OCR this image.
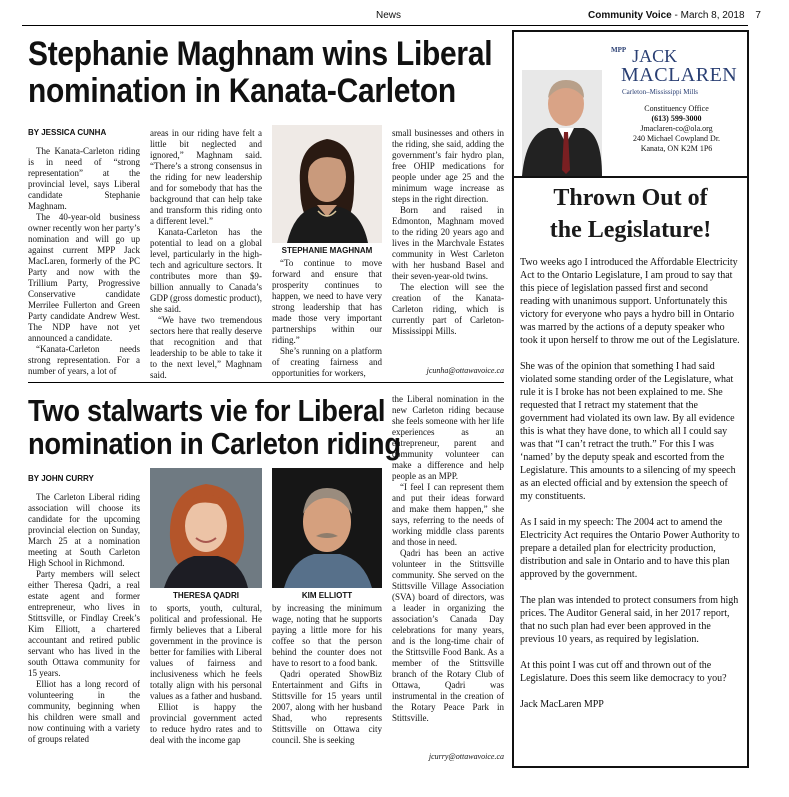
News	Community Voice - March 8, 2018 7
Stephanie Maghnam wins Liberal
nomination in Kanata-Carleton
BY JESSICA CUNHA

The Kanata-Carleton riding is in need of “strong representation” at the provincial level, says Liberal candidate Stephanie Maghnam.

The 40-year-old business owner recently won her party’s nomination and will go up against current MPP Jack MacLaren, formerly of the PC Party and now with the Trillium Party, Progressive Conservative candidate Merrilee Fullerton and Green Party candidate Andrew West. The NDP have not yet announced a candidate.

“Kanata-Carleton needs strong representation. For a number of years, a lot of

areas in our riding have felt a little bit neglected and ignored,” Maghnam said. “There’s a strong consensus in the riding for new leadership and for somebody that has the background that can help take and transform this riding onto a different level.”

Kanata-Carleton has the potential to lead on a global level, particularly in the high-tech and agriculture sectors. It contributes more than $9-billion annually to Canada’s GDP (gross domestic product), she said.

“We have two tremendous sectors here that really deserve that recognition and that leadership to be able to take it to the next level,” Maghnam said.

STEPHANIE MAGHNAM

“To continue to move forward and ensure that prosperity continues to happen, we need to have very strong leadership that has made those very important partnerships within our riding.”

She’s running on a platform of creating fairness and opportunities for workers,

small businesses and others in the riding, she said, adding the government’s fair hydro plan, free OHIP medications for people under age 25 and the minimum wage increase as steps in the right direction.

Born and raised in Edmonton, Maghnam moved to the riding 20 years ago and lives in the Marchvale Estates community in West Carleton with her husband Basel and their seven-year-old twins.

The election will see the creation of the Kanata-Carleton riding, which is currently part of Carleton-Mississippi Mills.

jcunha@ottawavoice.ca
Two stalwarts vie for Liberal
nomination in Carleton riding
BY JOHN CURRY

The Carleton Liberal riding association will choose its candidate for the upcoming provincial election on Sunday, March 25 at a nomination meeting at South Carleton High School in Richmond.

Party members will select either Theresa Qadri, a real estate agent and former entrepreneur, who lives in Stittsville, or Findlay Creek’s Kim Elliott, a chartered accountant and retired public servant who has lived in the south Ottawa community for 15 years.

Elliot has a long record of volunteering in the community, beginning when his children were small and now continuing with a variety of groups related

THERESA QADRI	KIM ELLIOTT

to sports, youth, cultural, political and professional. He firmly believes that a Liberal government in the province is better for families with Liberal values of fairness and inclusiveness which he feels totally align with his personal values as a father and husband.

Elliot is happy the provincial government acted to reduce hydro rates and to deal with the income gap

by increasing the minimum wage, noting that he supports paying a little more for his coffee so that the person behind the counter does not have to resort to a food bank.

Qadri operated ShowBiz Entertainment and Gifts in Stittsville for 15 years until 2007, along with her husband Shad, who represents Stittsville on Ottawa city council. She is seeking

the Liberal nomination in the new Carleton riding because she feels someone with her life experiences as an entrepreneur, parent and community volunteer can make a difference and help people as an MPP.

“I feel I can represent them and put their ideas forward and make them happen,” she says, referring to the needs of working middle class parents and those in need.

Qadri has been an active volunteer in the Stittsville community. She served on the Stittsville Village Association (SVA) board of directors, was a leader in organizing the association’s Canada Day celebrations for many years, and is the long-time chair of the Stittsville Food Bank. As a member of the Stittsville branch of the Rotary Club of Ottawa, Qadri was instrumental in the creation of the Rotary Peace Park in Stittsville.

jcurry@ottawavoice.ca
$^{MPP}$ JACK
MACLAREN
Carleton–Mississippi Mills
Constituency Office
(613) 599-3000
Jmaclaren-co@ola.org
240 Michael Cowpland Dr.
Kanata, ON K2M 1P6
Thrown Out of
the Legislature!

Two weeks ago I introduced the Affordable Electricity Act to the Ontario Legislature, I am proud to say that this piece of legislation passed first and second reading with unanimous support. Unfortunately this victory for everyone who pays a hydro bill in Ontario was marred by the actions of a deputy speaker who took it upon herself to throw me out of the Legislature.

She was of the opinion that something I had said violated some standing order of the Legislature, what rule it is I broke has not been explained to me. She requested that I retract my statement that the government had violated its own law. By all evidence this is what they have done, to which all I could say was that “I can’t retract the truth.” For this I was ‘named’ by the deputy speak and escorted from the Legislature. This amounts to a silencing of my speech as an elected official and by extension the speech of my constituents.

As I said in my speech: The 2004 act to amend the Electricity Act requires the Ontario Power Authority to prepare a detailed plan for electricity production, distribution and sale in Ontario and to have this plan approved by the government.

The plan was intended to protect consumers from high prices. The Auditor General said, in her 2017 report, that no such plan had ever been approved in the previous 10 years, as required by legislation.

At this point I was cut off and thrown out of the Legislature. Does this seem like democracy to you?

Jack MacLaren MPP
